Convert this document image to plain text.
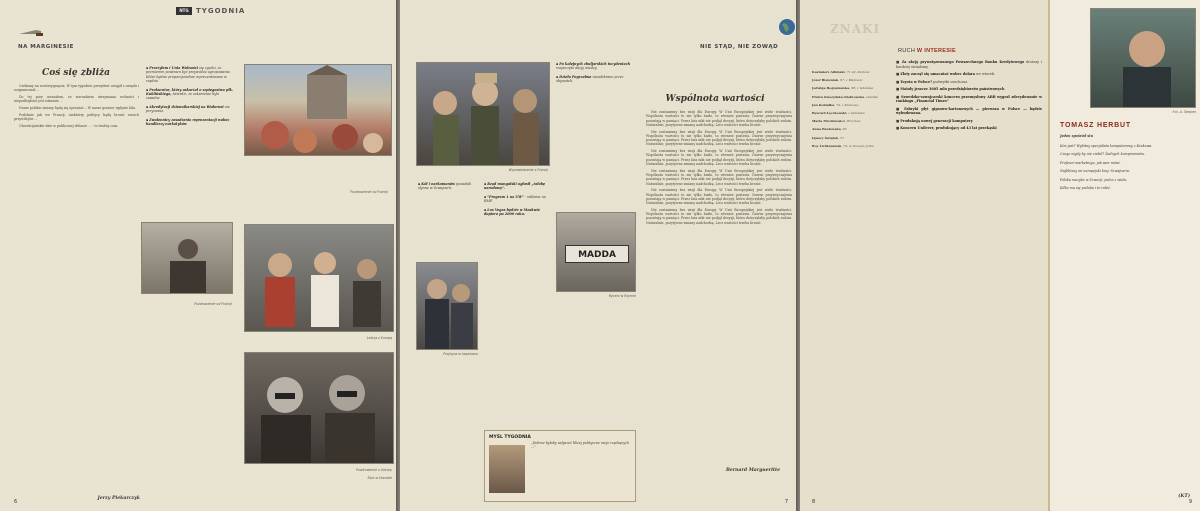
NA MARGINESIE
NTG	TYGODNIA
Coś się zbliża

Czekamy na rozstrzygnięcia. W tym tygodniu prezydent ustąpił z urzędu i zorganizował ...

Do tej pory uważałem, że warunkiem utrzymania wolności i niepodległości jest istnienie ...

Nasze polskie zmiany będą się ujawniać... W nasze granice wpłynie fala.

Podobnie jak we Francji, niektórzy politycy będą bronić swoich przywilejów ...

Chrześcijańskie idee w publicznej debacie ... - to trudny czas.

Jerzy Piekarczyk
6

▪ Przeżyłem i Unia Wolności się zgodzi, że premierem powinien być przywódca ugrupowania. Które będzie proporcjonalnie reprezentowane w rządzie.

▪ Prokurator, który oskarżał o szpiegostwo płk. Kuklińskiego, twierdzi, że oskarżenie było zasadne.

▪ Akredytacji dziennikarskiej na Białorusi nie przyznano.

▪ Zwolennicy zasadzenia reprezentacji wobec handlarzy narkotyków

Pozdrowienie od Francji
Pozdrowienie od Francji
Lekcja z Europą
Pozdrowienie z Ankary
Ślub w Hondzie
NIE STĄD, NIE ZOWĄD
Wypowiedzenie z Francji

▪ Po kolejnych zbuljarskich incydentach rozpoczęto akcję wiedzy.

▪ Dzieło Pogrzebne nieodebrane przez obywateli.

▪ Kół i narkomanów posiadali słynne w Szwajcarii.

Przybysz w kapeluszu

▪ Rząd mongolski ogłosił „żałobę narodową”.

▪ "Program 1 na UW" - reklama na RMF.

▪ Los Vegas będzie w Moskwie dopiero po 2000 roku.

MADDA
Rycerz w Rzymie
Wspólnota wartości

Nie zostaniemy bez wizji dla Europy. W Unii Europejskiej jest wiele trudności. Wspólnota wartości to nie tylko hasło, to również postawa. Dawne przyzwyczajenia pozostają w pamięci. Przez lata nikt nie podjął decyzji, która dotyczyłaby polskich rodzin. Naturalnie, pozytywne zmiany nadchodzą. Lecz wartości trzeba bronić.

Nie zostaniemy bez wizji dla Europy. W Unii Europejskiej jest wiele trudności. Wspólnota wartości to nie tylko hasło, to również postawa. Dawne przyzwyczajenia pozostają w pamięci. Przez lata nikt nie podjął decyzji, która dotyczyłaby polskich rodzin. Naturalnie, pozytywne zmiany nadchodzą. Lecz wartości trzeba bronić.

Nie zostaniemy bez wizji dla Europy. W Unii Europejskiej jest wiele trudności. Wspólnota wartości to nie tylko hasło, to również postawa. Dawne przyzwyczajenia pozostają w pamięci. Przez lata nikt nie podjął decyzji, która dotyczyłaby polskich rodzin. Naturalnie, pozytywne zmiany nadchodzą. Lecz wartości trzeba bronić.

Nie zostaniemy bez wizji dla Europy. W Unii Europejskiej jest wiele trudności. Wspólnota wartości to nie tylko hasło, to również postawa. Dawne przyzwyczajenia pozostają w pamięci. Przez lata nikt nie podjął decyzji, która dotyczyłaby polskich rodzin. Naturalnie, pozytywne zmiany nadchodzą. Lecz wartości trzeba bronić.

Nie zostaniemy bez wizji dla Europy. W Unii Europejskiej jest wiele trudności. Wspólnota wartości to nie tylko hasło, to również postawa. Dawne przyzwyczajenia pozostają w pamięci. Przez lata nikt nie podjął decyzji, która dotyczyłaby polskich rodzin. Naturalnie, pozytywne zmiany nadchodzą. Lecz wartości trzeba bronić.

Nie zostaniemy bez wizji dla Europy. W Unii Europejskiej jest wiele trudności. Wspólnota wartości to nie tylko hasło, to również postawa. Dawne przyzwyczajenia pozostają w pamięci. Przez lata nikt nie podjął decyzji, która dotyczyłaby polskich rodzin. Naturalnie, pozytywne zmiany nadchodzą. Lecz wartości trzeba bronić.

Bernard Margueritte
7
MYŚL TYGODNIA
„Dobrze byłoby usłyszeć bliżej polityczne racje rządzących ...”
ZNAKI
RUCH W INTERESIE

Kazimierz Albiński, 71 lat, Kraków

Józef Bieleniak, 67, z Wadowic

Jedwiga Bogusławska, 68, z Gdańska

Elwira Knozydska-Niebrowska, Gdańsk

Jan Kobiałka, 72, z Krakowa

Ryszard Łęczkowski, z Gdańska

Maria Mrożkiewicz, Wrocław

Anna Pawłowska, 65

Ignacy Świątek, 57

Roy Lichtenstein, 73, w Nowym Jorku

■ Za akcję prywatyzowanego Powszechnego Banku Kredytowego droższy i bardziej świadomy.

■ Złoty zaczął się umacniać wobec dolara we wtorek.

■ Toyota w Polsce? podwyżki uruchomi.

■ Mainly jeszcze 3605 mln przedsiębiorstw państwowych

■ Szwedzko-szwajcarski koncern przemysłowy ABB wygrał zdecydowanie w rankingu „Financial Times”

■ Fabryki płyt gipsowo-kartonowych — pierwsza w Polsce — będzie wybudowana.

■ Produkują nowej generacji komputery

■ Koncern Unilever, produkujący od 43 lat przekąski

8
Fot. A. Stepien
TOMASZ HERBUT
Jeden spośród stu

Kim jest? Wybitny specjalista komputerowy z Krakowa.

Czego nigdy by nie zrobił? Żadnych kompromisów.

Profesor marketingu, jak sam mówi.

Najbliższy mi europejski kraj: Szwajcaria.

Polska muzyka w Szwecji: jeden z wielu.

Kilka mu się podoba i to robić.

(KT)
9
